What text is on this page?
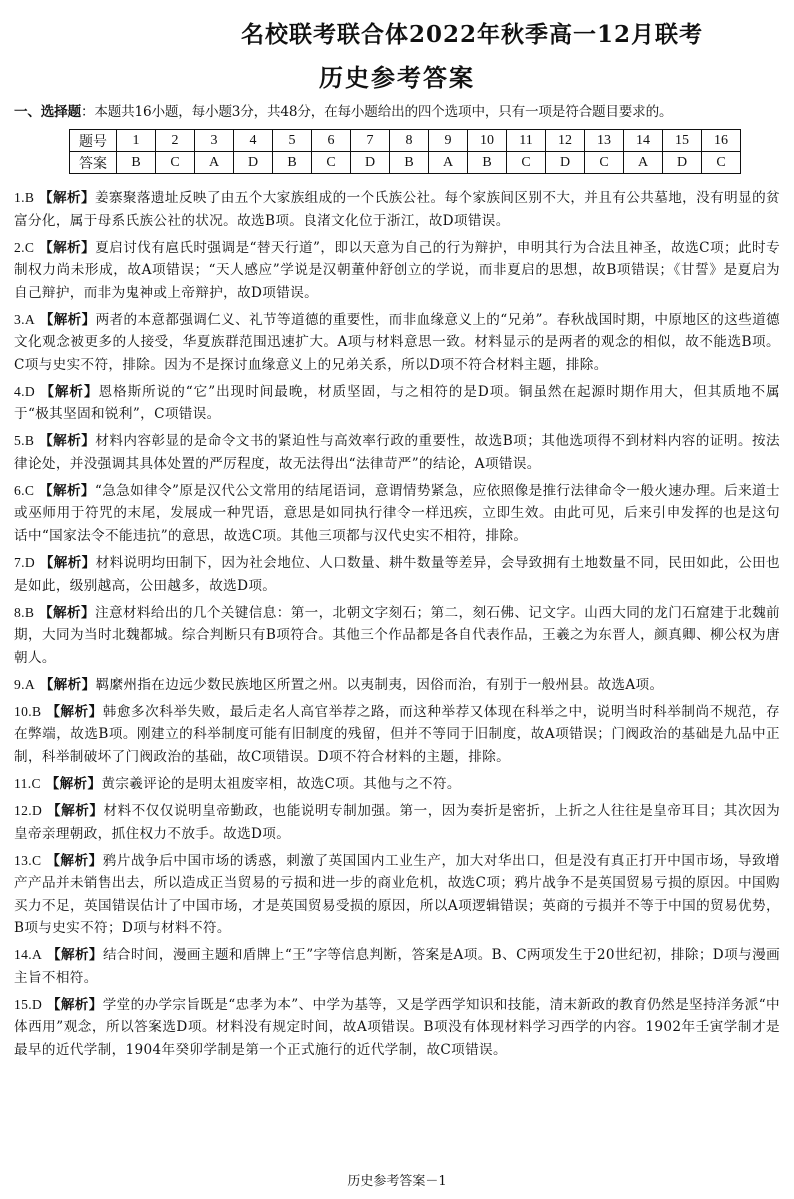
名校联考联合体2022年秋季高一12月联考
历史参考答案
一、选择题：本题共16小题，每小题3分，共48分，在每小题给出的四个选项中，只有一项是符合题目要求的。
题号	1	2	3	4	5	6	7	8	9	10	11	12	13	14	15	16
答案	B	C	A	D	B	C	D	B	A	B	C	D	C	A	D	C
1.B 【解析】姜寨聚落遗址反映了由五个大家族组成的一个氏族公社。每个家族间区别不大，并且有公共墓地，没有明显的贫富分化，属于母系氏族公社的状况。故选B项。良渚文化位于浙江，故D项错误。
2.C 【解析】夏启讨伐有扈氏时强调是“替天行道”，即以天意为自己的行为辩护，申明其行为合法且神圣，故选C项；此时专制权力尚未形成，故A项错误；“天人感应”学说是汉朝董仲舒创立的学说，而非夏启的思想，故B项错误；《甘誓》是夏启为自己辩护，而非为鬼神或上帝辩护，故D项错误。
3.A 【解析】两者的本意都强调仁义、礼节等道德的重要性，而非血缘意义上的“兄弟”。春秋战国时期，中原地区的这些道德文化观念被更多的人接受，华夏族群范围迅速扩大。A项与材料意思一致。材料显示的是两者的观念的相似，故不能选B项。C项与史实不符，排除。因为不是探讨血缘意义上的兄弟关系，所以D项不符合材料主题，排除。
4.D 【解析】恩格斯所说的“它”出现时间最晚，材质坚固，与之相符的是D项。铜虽然在起源时期作用大，但其质地不属于“极其坚固和锐利”，C项错误。
5.B 【解析】材料内容彰显的是命令文书的紧迫性与高效率行政的重要性，故选B项；其他选项得不到材料内容的证明。按法律论处，并没强调其具体处置的严厉程度，故无法得出“法律苛严”的结论，A项错误。
6.C 【解析】“急急如律令”原是汉代公文常用的结尾语词，意谓情势紧急，应依照像是推行法律命令一般火速办理。后来道士或巫师用于符咒的末尾，发展成一种咒语，意思是如同执行律令一样迅疾，立即生效。由此可见，后来引申发挥的也是这句话中“国家法令不能违抗”的意思，故选C项。其他三项都与汉代史实不相符，排除。
7.D 【解析】材料说明均田制下，因为社会地位、人口数量、耕牛数量等差异，会导致拥有土地数量不同，民田如此，公田也是如此，级别越高，公田越多，故选D项。
8.B 【解析】注意材料给出的几个关键信息：第一，北朝文字刻石；第二，刻石佛、记文字。山西大同的龙门石窟建于北魏前期，大同为当时北魏都城。综合判断只有B项符合。其他三个作品都是各自代表作品，王羲之为东晋人，颜真卿、柳公权为唐朝人。
9.A 【解析】羁縻州指在边远少数民族地区所置之州。以夷制夷，因俗而治，有别于一般州县。故选A项。
10.B 【解析】韩愈多次科举失败，最后走名人高官举荐之路，而这种举荐又体现在科举之中，说明当时科举制尚不规范，存在弊端，故选B项。刚建立的科举制度可能有旧制度的残留，但并不等同于旧制度，故A项错误；门阀政治的基础是九品中正制，科举制破坏了门阀政治的基础，故C项错误。D项不符合材料的主题，排除。
11.C 【解析】黄宗羲评论的是明太祖废宰相，故选C项。其他与之不符。
12.D 【解析】材料不仅仅说明皇帝勤政，也能说明专制加强。第一，因为奏折是密折，上折之人往往是皇帝耳目；其次因为皇帝亲理朝政，抓住权力不放手。故选D项。
13.C 【解析】鸦片战争后中国市场的诱惑，刺激了英国国内工业生产，加大对华出口，但是没有真正打开中国市场，导致增产产品并未销售出去，所以造成正当贸易的亏损和进一步的商业危机，故选C项；鸦片战争不是英国贸易亏损的原因。中国购买力不足，英国错误估计了中国市场，才是英国贸易受损的原因，所以A项逻辑错误；英商的亏损并不等于中国的贸易优势，B项与史实不符；D项与材料不符。
14.A 【解析】结合时间，漫画主题和盾牌上“王”字等信息判断，答案是A项。B、C两项发生于20世纪初，排除；D项与漫画主旨不相符。
15.D 【解析】学堂的办学宗旨既是“忠孝为本”、中学为基等，又是学西学知识和技能，清末新政的教育仍然是坚持洋务派“中体西用”观念，所以答案选D项。材料没有规定时间，故A项错误。B项没有体现材料学习西学的内容。1902年壬寅学制才是最早的近代学制，1904年癸卯学制是第一个正式施行的近代学制，故C项错误。
历史参考答案－1
